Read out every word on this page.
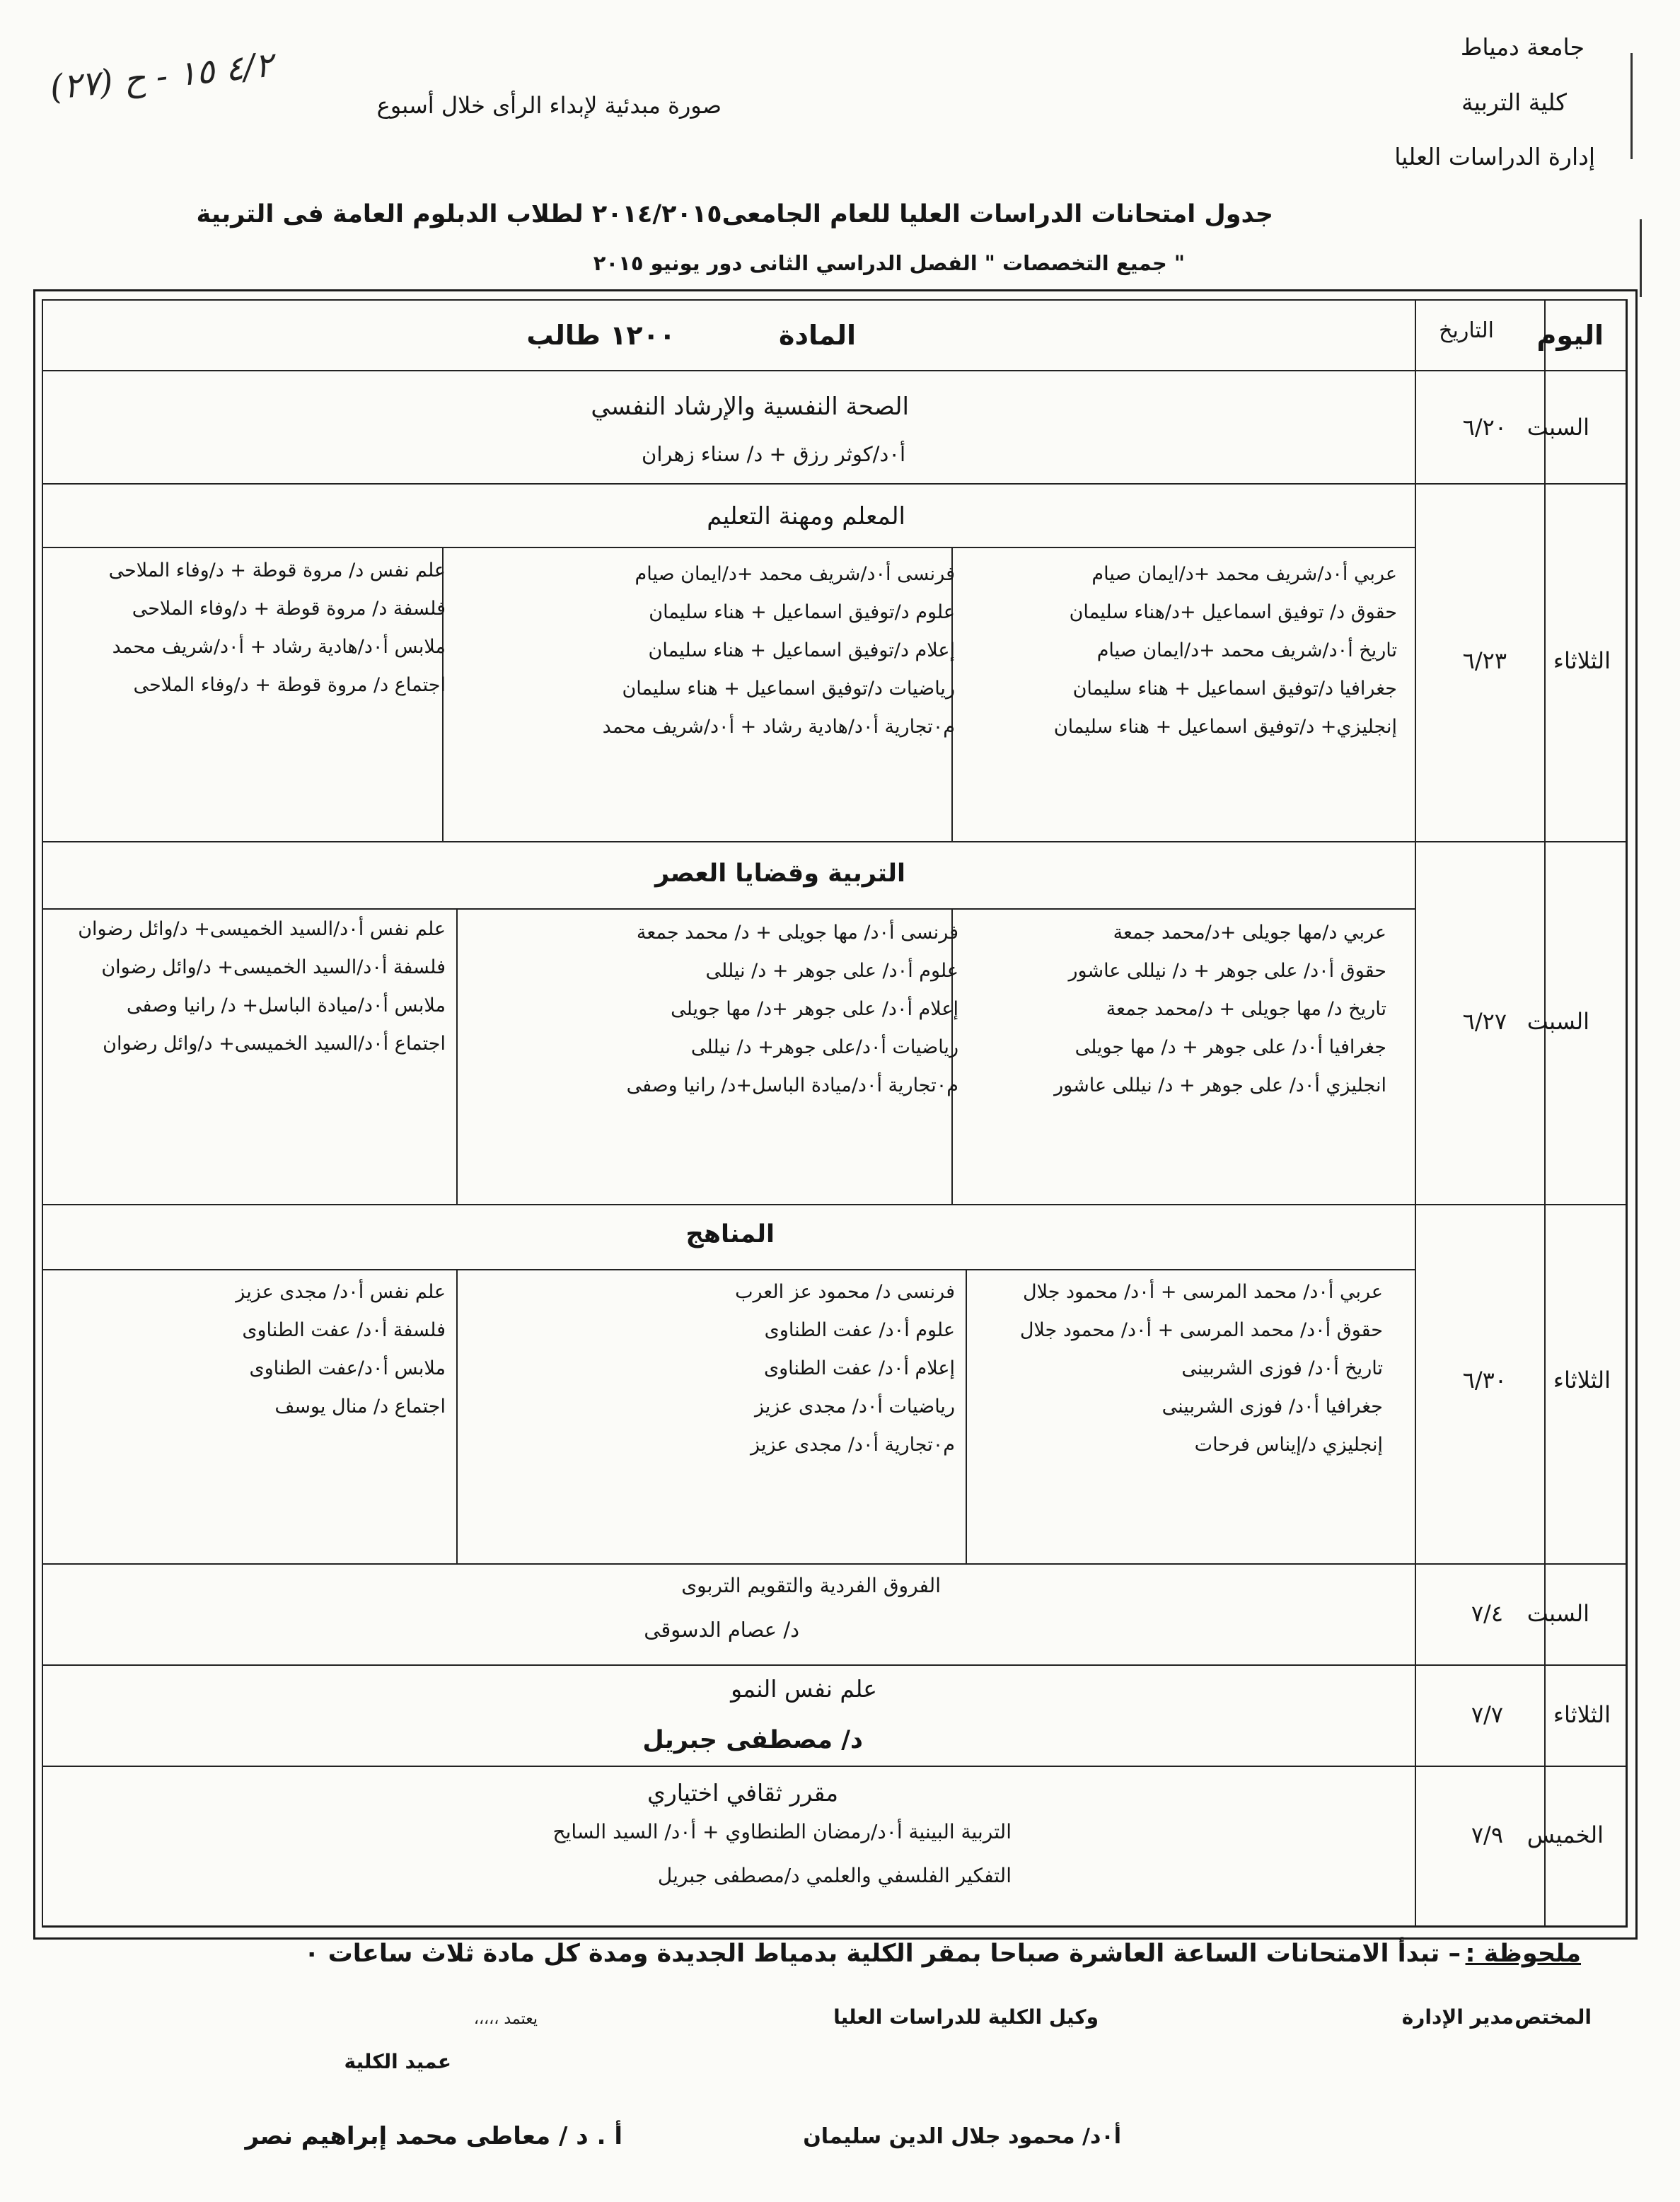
جامعة دمياط
كلية التربية
إدارة الدراسات العليا
صورة مبدئية لإبداء الرأى خلال أسبوع
(٢٧) ٤/٢ ١٥ - ح
جدول امتحانات الدراسات العليا للعام الجامعى٢٠١٤/٢٠١٥ لطلاب الدبلوم العامة فى التربية
" جميع التخصصات " الفصل الدراسي الثانى دور يونيو ٢٠١٥
اليوم
التاريخ
المادة
١٢٠٠ طالب
السبت
٦/٢٠
الصحة النفسية والإرشاد النفسي
أ٠د/كوثر رزق + د/ سناء زهران
الثلاثاء
٦/٢٣
المعلم ومهنة التعليم
عربي أ٠د/شريف محمد +د/ايمان صيام
حقوق د/ توفيق اسماعيل +د/هناء سليمان
تاريخ أ٠د/شريف محمد +د/ايمان صيام
جغرافيا د/توفيق اسماعيل + هناء سليمان
إنجليزي+ د/توفيق اسماعيل + هناء سليمان
فرنسى أ٠د/شريف محمد +د/ايمان صيام
علوم د/توفيق اسماعيل + هناء سليمان
إعلام د/توفيق اسماعيل + هناء سليمان
رياضيات د/توفيق اسماعيل + هناء سليمان
م٠تجارية أ٠د/هادية رشاد + أ٠د/شريف محمد
علم نفس د/ مروة قوطة + د/وفاء الملاحى
فلسفة د/ مروة قوطة + د/وفاء الملاحى
ملابس أ٠د/هادية رشاد + أ٠د/شريف محمد
اجتماع د/ مروة قوطة + د/وفاء الملاحى
السبت
٦/٢٧
التربية وقضايا العصر
عربي د/مها جويلى +د/محمد جمعة
حقوق أ٠د/ على جوهر + د/ نيللى عاشور
تاريخ د/ مها جويلى + د/محمد جمعة
جغرافيا أ٠د/ على جوهر + د/ مها جويلى
انجليزي أ٠د/ على جوهر + د/ نيللى عاشور
فرنسى أ٠د/ مها جويلى + د/ محمد جمعة
علوم أ٠د/ على جوهر + د/ نيللى
إعلام أ٠د/ على جوهر +د/ مها جويلى
رياضيات أ٠د/على جوهر+ د/ نيللى
م٠تجارية أ٠د/ميادة الباسل+د/ رانيا وصفى
علم نفس أ٠د/السيد الخميسى+ د/وائل رضوان
فلسفة أ٠د/السيد الخميسى+ د/وائل رضوان
ملابس أ٠د/ميادة الباسل+ د/ رانيا وصفى
اجتماع أ٠د/السيد الخميسى+ د/وائل رضوان
الثلاثاء
٦/٣٠
المناهج
عربي أ٠د/ محمد المرسى + أ٠د/ محمود جلال
حقوق أ٠د/ محمد المرسى + أ٠د/ محمود جلال
تاريخ أ٠د/ فوزى الشربينى
جغرافيا أ٠د/ فوزى الشربينى
إنجليزي د/إيناس فرحات
فرنسى د/ محمود عز العرب
علوم أ٠د/ عفت الطناوى
إعلام أ٠د/ عفت الطناوى
رياضيات أ٠د/ مجدى عزيز
م٠تجارية أ٠د/ مجدى عزيز
علم نفس أ٠د/ مجدى عزيز
فلسفة أ٠د/ عفت الطناوى
ملابس أ٠د/عفت الطناوى
اجتماع د/ منال يوسف
السبت
٧/٤
الفروق الفردية والتقويم التربوى
د/ عصام الدسوقى
الثلاثاء
٧/٧
علم نفس النمو
د/ مصطفى جبريل
الخميس
٧/٩
مقرر ثقافي اختياري
التربية البينية أ٠د/رمضان الطنطاوي + أ٠د/ السيد السايح
التفكير الفلسفي والعلمي د/مصطفى جبريل
ملحوظة :
– تبدأ الامتحانات الساعة العاشرة صباحا بمقر الكلية بدمياط الجديدة ومدة كل مادة ثلاث ساعات ٠
المختص
مدير الإدارة
وكيل الكلية للدراسات العليا
يعتمد ،،،،،
عميد الكلية
أ٠د/ محمود جلال الدين سليمان
أ . د / معاطى محمد إبراهيم نصر
